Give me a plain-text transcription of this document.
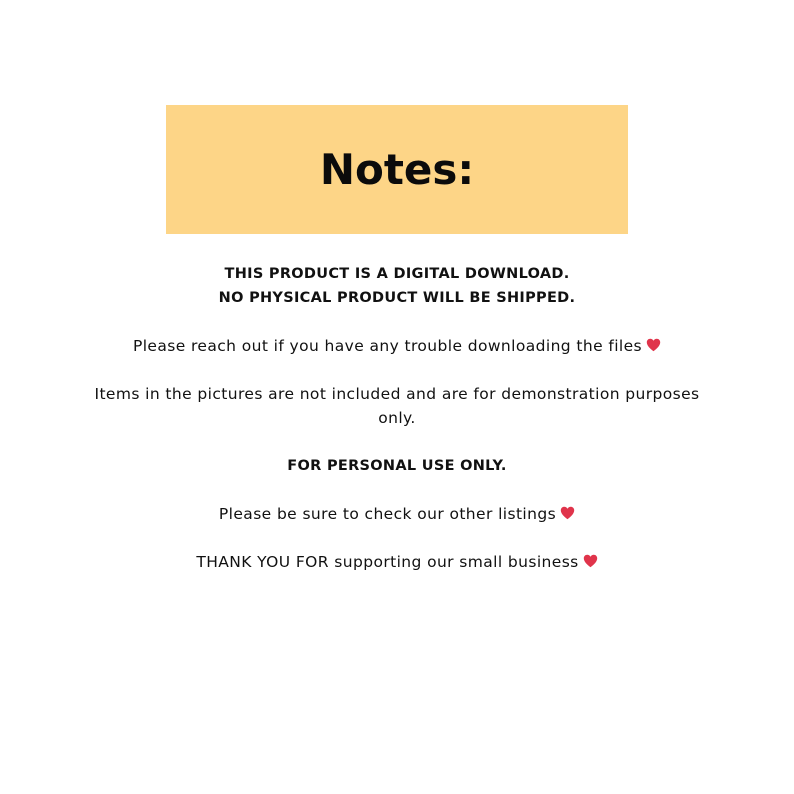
Notes:

THIS PRODUCT IS A DIGITAL DOWNLOAD.

NO PHYSICAL PRODUCT WILL BE SHIPPED.

Please reach out if you have any trouble downloading the files

Items in the pictures are not included and are for demonstration purposes

only.

FOR PERSONAL USE ONLY.

Please be sure to check our other listings

THANK YOU FOR supporting our small business
